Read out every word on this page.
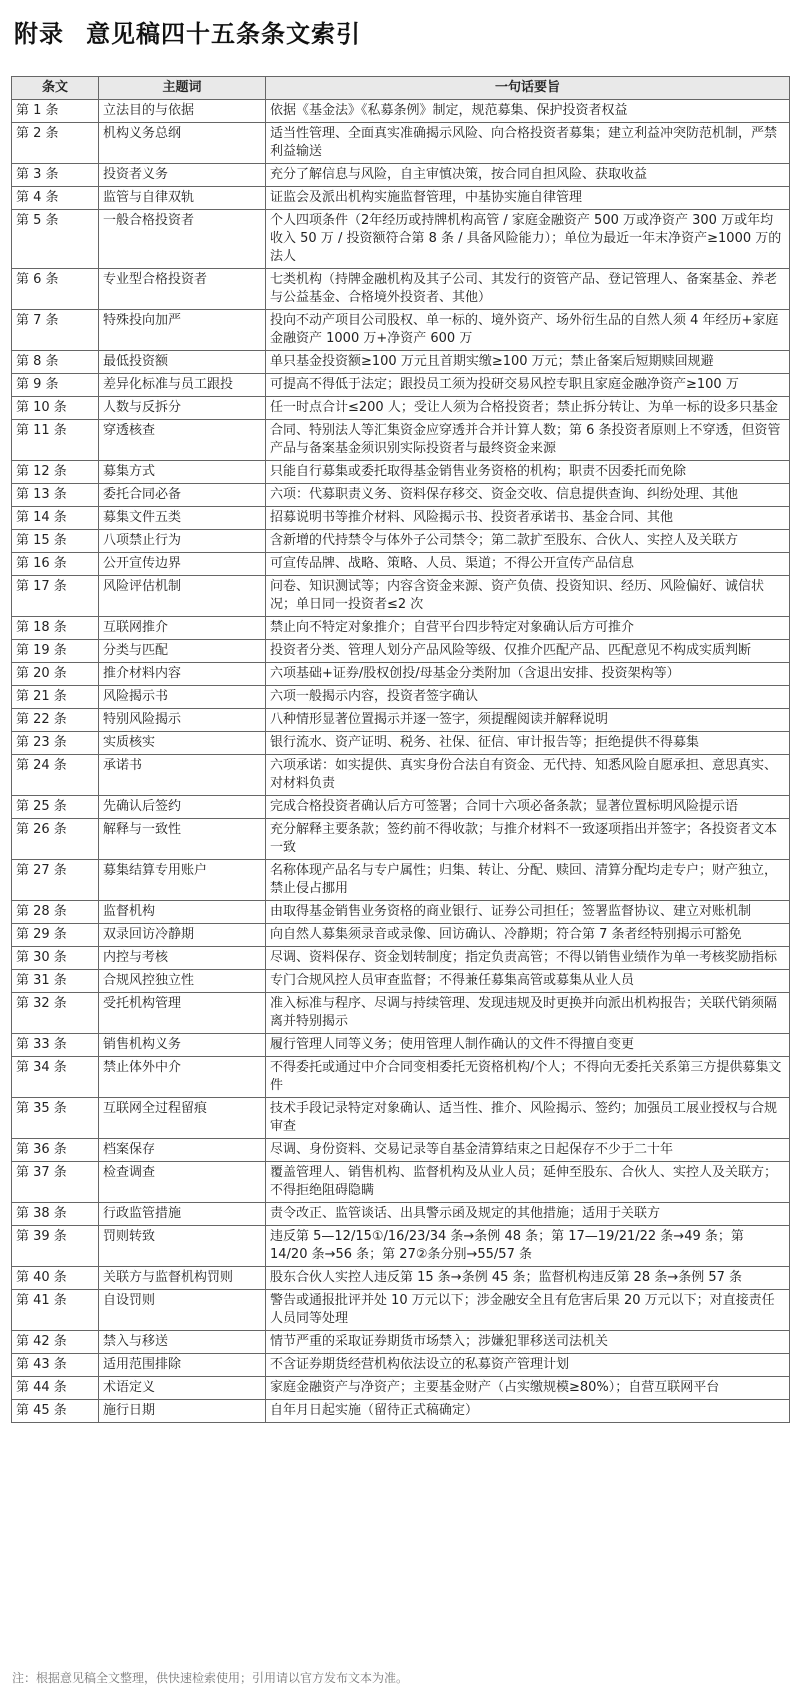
附录 意见稿四十五条条文索引
条文	主题词	一句话要旨
第 1 条	立法目的与依据	依据《基金法》《私募条例》制定，规范募集、保护投资者权益
第 2 条	机构义务总纲	适当性管理、全面真实准确揭示风险、向合格投资者募集；建立利益冲突防范机制，严禁利益输送
第 3 条	投资者义务	充分了解信息与风险，自主审慎决策，按合同自担风险、获取收益
第 4 条	监管与自律双轨	证监会及派出机构实施监督管理，中基协实施自律管理
第 5 条	一般合格投资者	个人四项条件（2年经历或持牌机构高管 / 家庭金融资产 500 万或净资产 300 万或年均收入 50 万 / 投资额符合第 8 条 / 具备风险能力）；单位为最近一年末净资产≥1000 万的法人
第 6 条	专业型合格投资者	七类机构（持牌金融机构及其子公司、其发行的资管产品、登记管理人、备案基金、养老与公益基金、合格境外投资者、其他）
第 7 条	特殊投向加严	投向不动产项目公司股权、单一标的、境外资产、场外衍生品的自然人须 4 年经历+家庭金融资产 1000 万+净资产 600 万
第 8 条	最低投资额	单只基金投资额≥100 万元且首期实缴≥100 万元；禁止备案后短期赎回规避
第 9 条	差异化标准与员工跟投	可提高不得低于法定；跟投员工须为投研交易风控专职且家庭金融净资产≥100 万
第 10 条	人数与反拆分	任一时点合计≤200 人；受让人须为合格投资者；禁止拆分转让、为单一标的设多只基金
第 11 条	穿透核查	合同、特别法人等汇集资金应穿透并合并计算人数；第 6 条投资者原则上不穿透，但资管产品与备案基金须识别实际投资者与最终资金来源
第 12 条	募集方式	只能自行募集或委托取得基金销售业务资格的机构；职责不因委托而免除
第 13 条	委托合同必备	六项：代募职责义务、资料保存移交、资金交收、信息提供查询、纠纷处理、其他
第 14 条	募集文件五类	招募说明书等推介材料、风险揭示书、投资者承诺书、基金合同、其他
第 15 条	八项禁止行为	含新增的代持禁令与体外子公司禁令；第二款扩至股东、合伙人、实控人及关联方
第 16 条	公开宣传边界	可宣传品牌、战略、策略、人员、渠道；不得公开宣传产品信息
第 17 条	风险评估机制	问卷、知识测试等；内容含资金来源、资产负债、投资知识、经历、风险偏好、诚信状况；单日同一投资者≤2 次
第 18 条	互联网推介	禁止向不特定对象推介；自营平台四步特定对象确认后方可推介
第 19 条	分类与匹配	投资者分类、管理人划分产品风险等级、仅推介匹配产品、匹配意见不构成实质判断
第 20 条	推介材料内容	六项基础+证券/股权创投/母基金分类附加（含退出安排、投资架构等）
第 21 条	风险揭示书	六项一般揭示内容，投资者签字确认
第 22 条	特别风险揭示	八种情形显著位置揭示并逐一签字，须提醒阅读并解释说明
第 23 条	实质核实	银行流水、资产证明、税务、社保、征信、审计报告等；拒绝提供不得募集
第 24 条	承诺书	六项承诺：如实提供、真实身份合法自有资金、无代持、知悉风险自愿承担、意思真实、对材料负责
第 25 条	先确认后签约	完成合格投资者确认后方可签署；合同十六项必备条款；显著位置标明风险提示语
第 26 条	解释与一致性	充分解释主要条款；签约前不得收款；与推介材料不一致逐项指出并签字；各投资者文本一致
第 27 条	募集结算专用账户	名称体现产品名与专户属性；归集、转让、分配、赎回、清算分配均走专户；财产独立，禁止侵占挪用
第 28 条	监督机构	由取得基金销售业务资格的商业银行、证券公司担任；签署监督协议、建立对账机制
第 29 条	双录回访冷静期	向自然人募集须录音或录像、回访确认、冷静期；符合第 7 条者经特别揭示可豁免
第 30 条	内控与考核	尽调、资料保存、资金划转制度；指定负责高管；不得以销售业绩作为单一考核奖励指标
第 31 条	合规风控独立性	专门合规风控人员审查监督；不得兼任募集高管或募集从业人员
第 32 条	受托机构管理	准入标准与程序、尽调与持续管理、发现违规及时更换并向派出机构报告；关联代销须隔离并特别揭示
第 33 条	销售机构义务	履行管理人同等义务；使用管理人制作确认的文件不得擅自变更
第 34 条	禁止体外中介	不得委托或通过中介合同变相委托无资格机构/个人；不得向无委托关系第三方提供募集文件
第 35 条	互联网全过程留痕	技术手段记录特定对象确认、适当性、推介、风险揭示、签约；加强员工展业授权与合规审查
第 36 条	档案保存	尽调、身份资料、交易记录等自基金清算结束之日起保存不少于二十年
第 37 条	检查调查	覆盖管理人、销售机构、监督机构及从业人员；延伸至股东、合伙人、实控人及关联方；不得拒绝阻碍隐瞒
第 38 条	行政监管措施	责令改正、监管谈话、出具警示函及规定的其他措施；适用于关联方
第 39 条	罚则转致	违反第 5—12/15①/16/23/34 条→条例 48 条；第 17—19/21/22 条→49 条；第 14/20 条→56 条；第 27②条分别→55/57 条
第 40 条	关联方与监督机构罚则	股东合伙人实控人违反第 15 条→条例 45 条；监督机构违反第 28 条→条例 57 条
第 41 条	自设罚则	警告或通报批评并处 10 万元以下；涉金融安全且有危害后果 20 万元以下；对直接责任人员同等处理
第 42 条	禁入与移送	情节严重的采取证券期货市场禁入；涉嫌犯罪移送司法机关
第 43 条	适用范围排除	不含证券期货经营机构依法设立的私募资产管理计划
第 44 条	术语定义	家庭金融资产与净资产；主要基金财产（占实缴规模≥80%）；自营互联网平台
第 45 条	施行日期	自年月日起实施（留待正式稿确定）
注：根据意见稿全文整理，供快速检索使用；引用请以官方发布文本为准。
